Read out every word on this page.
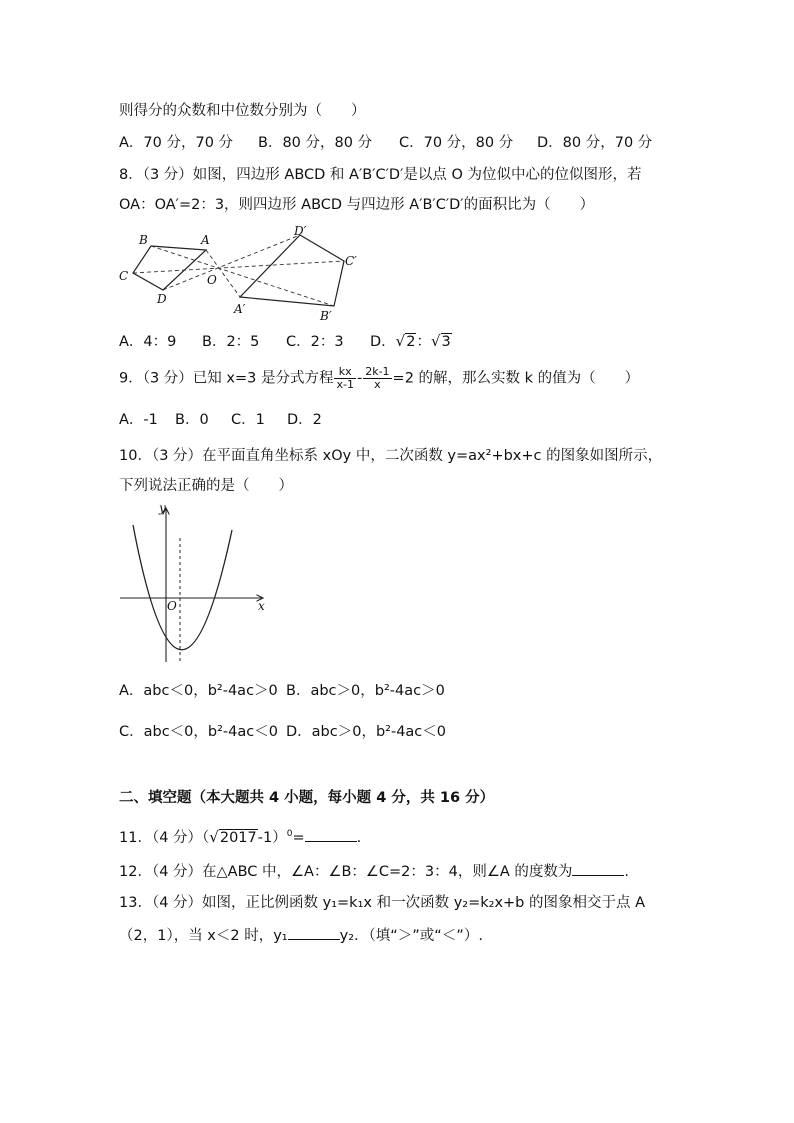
则得分的众数和中位数分别为（　　）
A．70 分，70 分 B．80 分，80 分 C．70 分，80 分 D．80 分，70 分
8．（3 分）如图，四边形 ABCD 和 A′B′C′D′是以点 O 为位似中心的位似图形，若
OA：OA′=2：3，则四边形 ABCD 与四边形 A′B′C′D′的面积比为（　　）
B	A
C
D
O
A′	B′
C′
D′
A．4：9 B．2：5 C．2：3 D．√2：√3
9．（3 分）已知 x=3 是分式方程 $\frac{kx}{x-1} - \frac{2k-1}{x} =2$ 的解，那么实数 k 的值为（　　）
A．-1 B．0 C．1 D．2
10．（3 分）在平面直角坐标系 xOy 中，二次函数 y=ax²+bx+c 的图象如图所示，
下列说法正确的是（　　）
y
x
O
A．abc＜0，b²-4ac＞0 B．abc＞0，b²-4ac＞0
C．abc＜0，b²-4ac＜0 D．abc＞0，b²-4ac＜0
二、填空题（本大题共 4 小题，每小题 4 分，共 16 分）
11．（4 分）$(√2017-1)^0=$	.
12．（4 分）在△ABC 中，∠A：∠B：∠C=2：3：4，则∠A 的度数为	.
13．（4 分）如图，正比例函数 y₁=k₁x 和一次函数 y₂=k₂x+b 的图象相交于点 A
（2，1），当 x＜2 时，y₁	y₂．（填“＞”或“＜”）.
